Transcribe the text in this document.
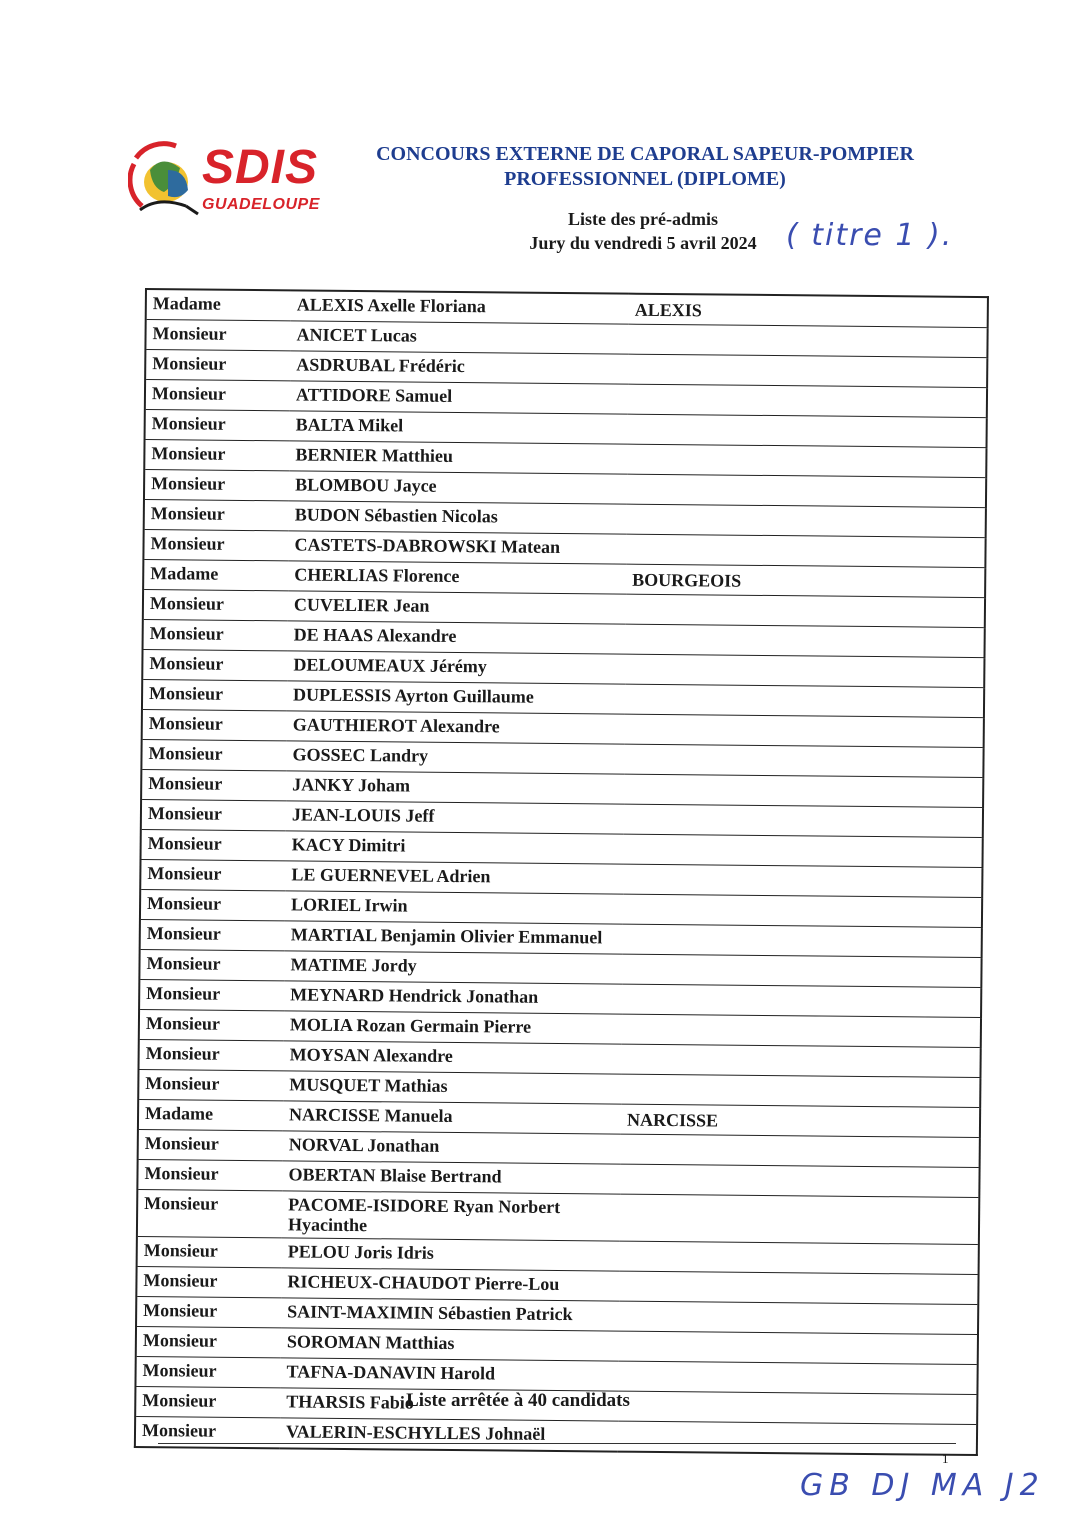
SDIS
GUADELOUPE
CONCOURS EXTERNE DE CAPORAL SAPEUR-POMPIER
PROFESSIONNEL (DIPLOME)
Liste des pré-admis
Jury du vendredi 5 avril 2024 ( titre 1 ).
Madame	ALEXIS Axelle Floriana	ALEXIS
Monsieur	ANICET Lucas	
Monsieur	ASDRUBAL Frédéric	
Monsieur	ATTIDORE Samuel	
Monsieur	BALTA Mikel	
Monsieur	BERNIER Matthieu	
Monsieur	BLOMBOU Jayce	
Monsieur	BUDON Sébastien Nicolas	
Monsieur	CASTETS-DABROWSKI Matean	
Madame	CHERLIAS Florence	BOURGEOIS
Monsieur	CUVELIER Jean	
Monsieur	DE HAAS Alexandre	
Monsieur	DELOUMEAUX Jérémy	
Monsieur	DUPLESSIS Ayrton Guillaume	
Monsieur	GAUTHIEROT Alexandre	
Monsieur	GOSSEC Landry	
Monsieur	JANKY Joham	
Monsieur	JEAN-LOUIS Jeff	
Monsieur	KACY Dimitri	
Monsieur	LE GUERNEVEL Adrien	
Monsieur	LORIEL Irwin	
Monsieur	MARTIAL Benjamin Olivier Emmanuel	
Monsieur	MATIME Jordy	
Monsieur	MEYNARD Hendrick Jonathan	
Monsieur	MOLIA Rozan Germain Pierre	
Monsieur	MOYSAN Alexandre	
Monsieur	MUSQUET Mathias	
Madame	NARCISSE Manuela	NARCISSE
Monsieur	NORVAL Jonathan	
Monsieur	OBERTAN Blaise Bertrand	
Monsieur	PACOME-ISIDORE Ryan Norbert Hyacinthe	
Monsieur	PELOU Joris Idris	
Monsieur	RICHEUX-CHAUDOT Pierre-Lou	
Monsieur	SAINT-MAXIMIN Sébastien Patrick	
Monsieur	SOROMAN Matthias	
Monsieur	TAFNA-DANAVIN Harold	
Monsieur	THARSIS Fabio	
Monsieur	VALERIN-ESCHYLLES Johnaël	
Liste arrêtée à 40 candidats
1
GB DJ MA J2
